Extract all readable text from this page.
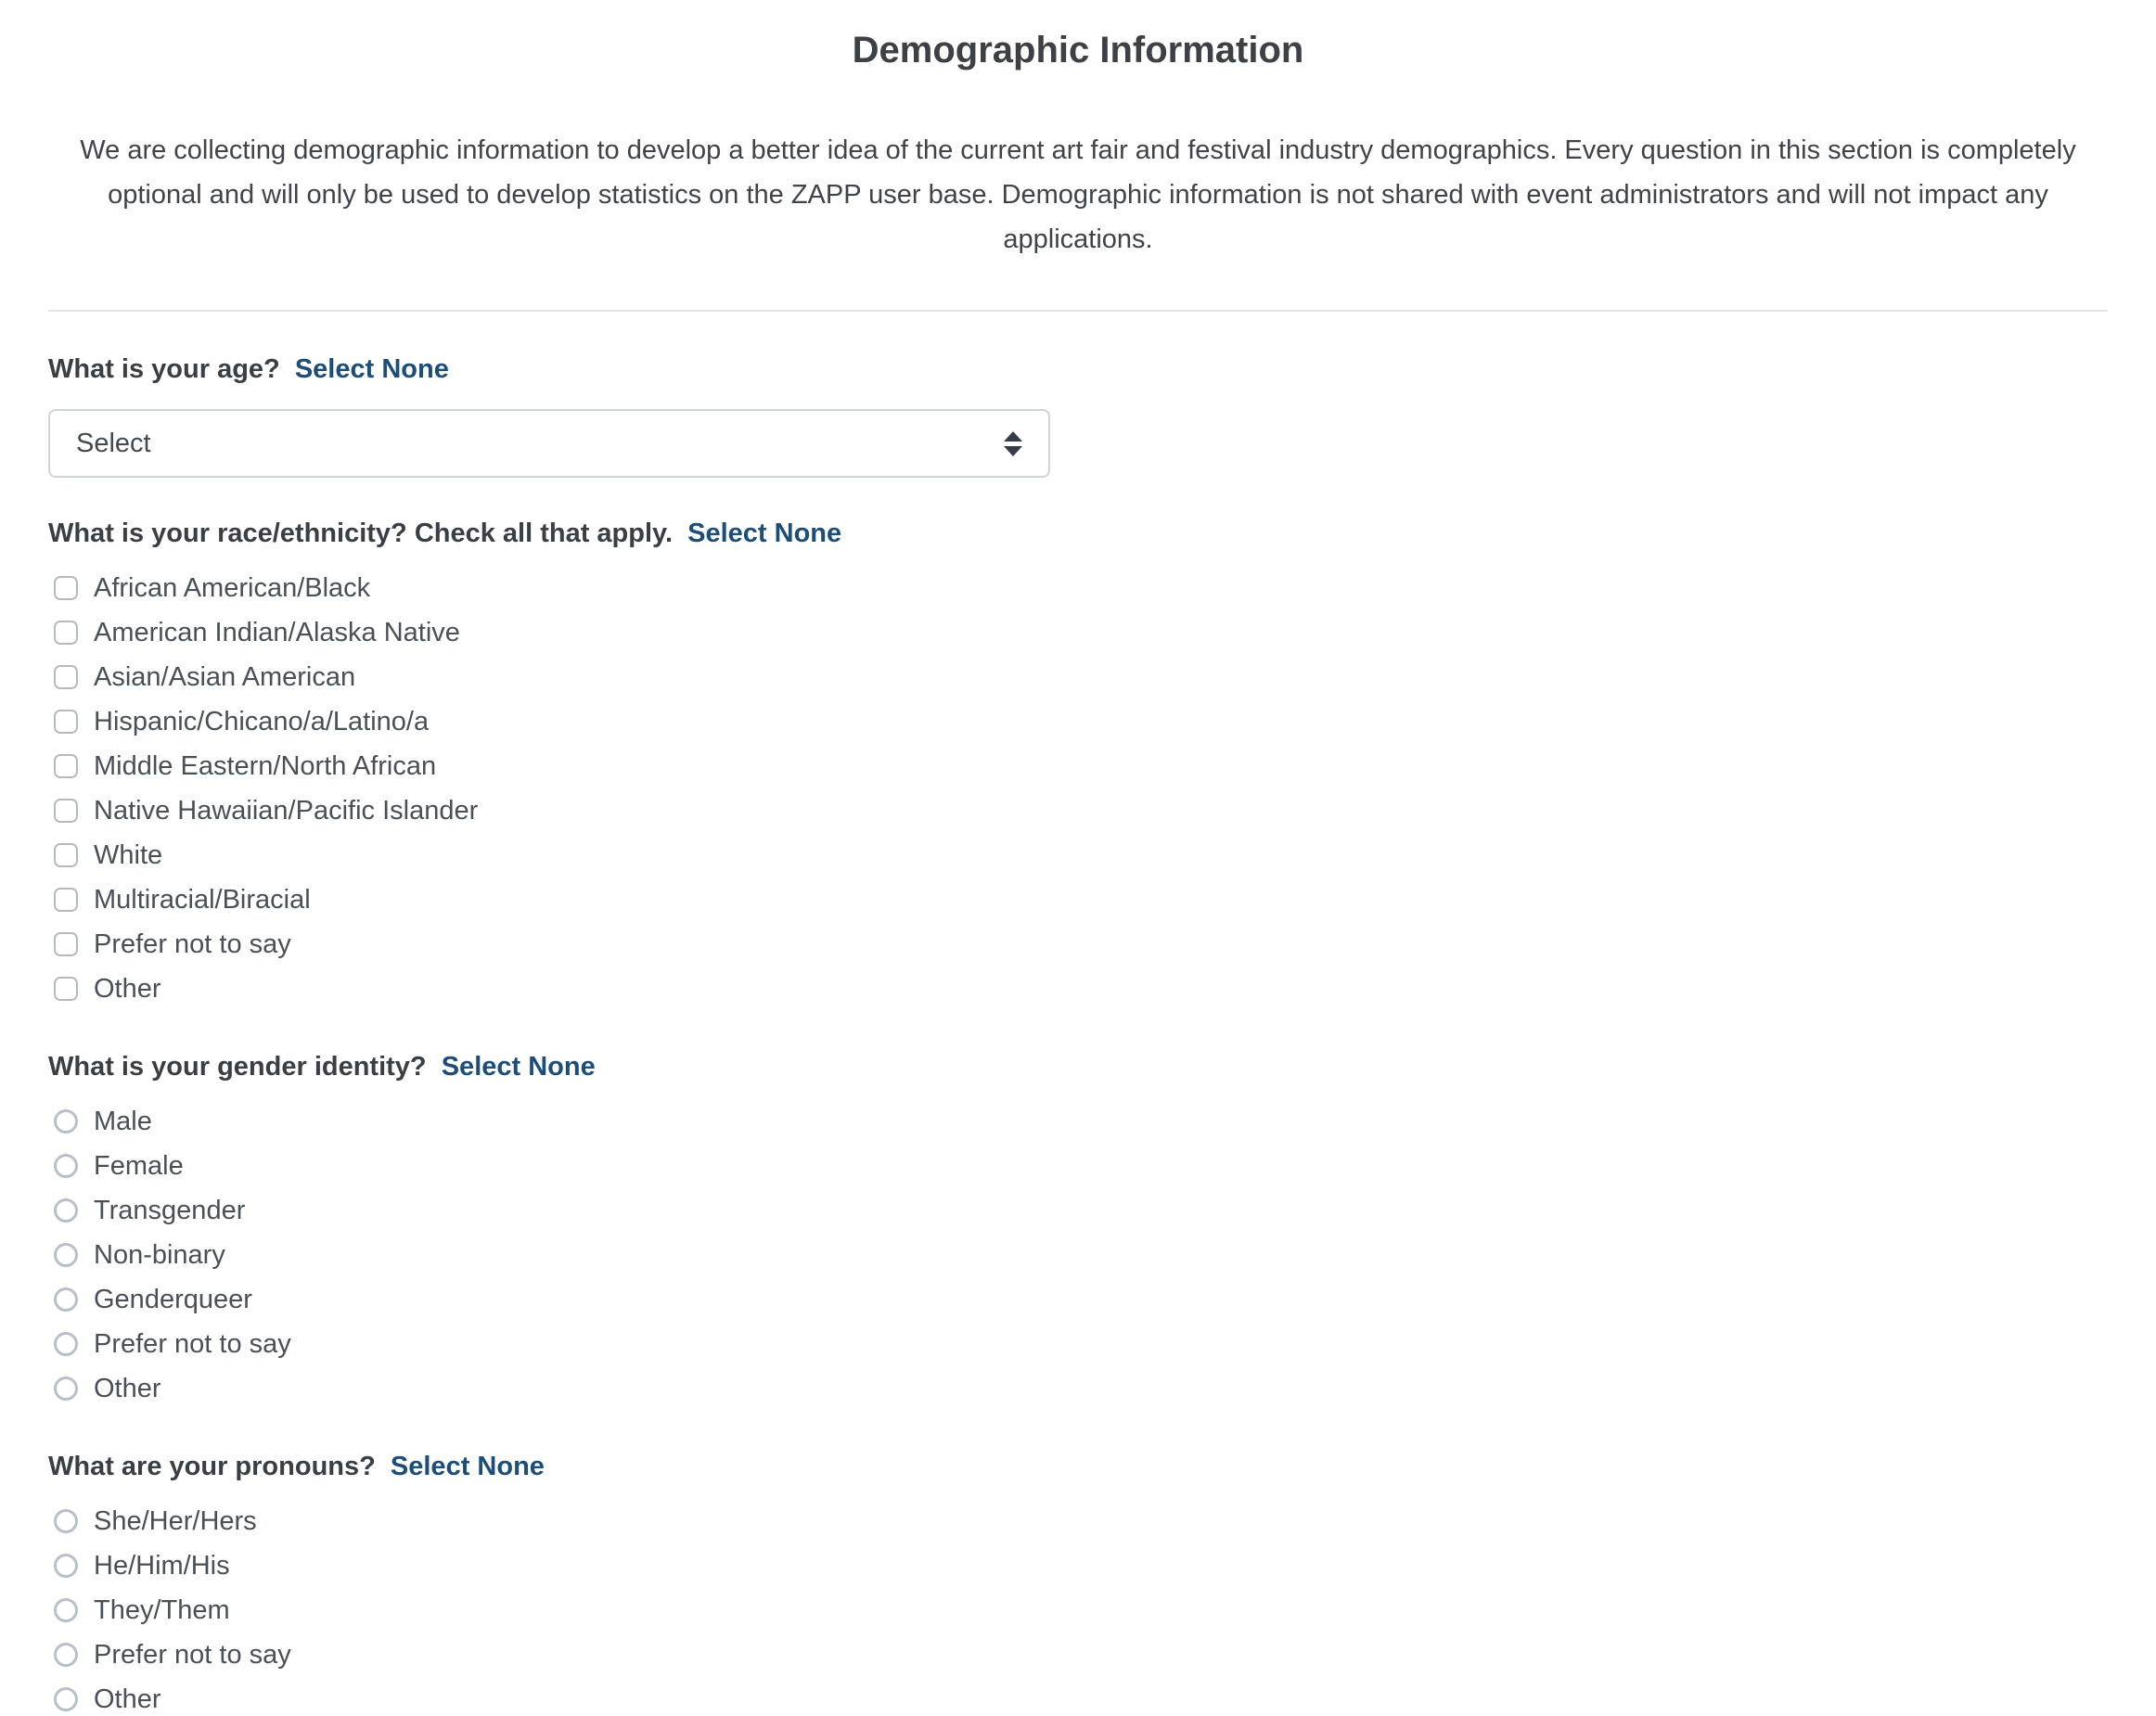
Demographic Information

We are collecting demographic information to develop a better idea of the current art fair and festival industry demographics. Every question in this section is completely optional and will only be used to develop statistics on the ZAPP user base. Demographic information is not shared with event administrators and will not impact any applications.

What is your age? Select None
Select
What is your race/ethnicity? Check all that apply. Select None
African American/Black
American Indian/Alaska Native
Asian/Asian American
Hispanic/Chicano/a/Latino/a
Middle Eastern/North African
Native Hawaiian/Pacific Islander
White
Multiracial/Biracial
Prefer not to say
Other
What is your gender identity? Select None
Male
Female
Transgender
Non-binary
Genderqueer
Prefer not to say
Other
What are your pronouns? Select None
She/Her/Hers
He/Him/His
They/Them
Prefer not to say
Other
